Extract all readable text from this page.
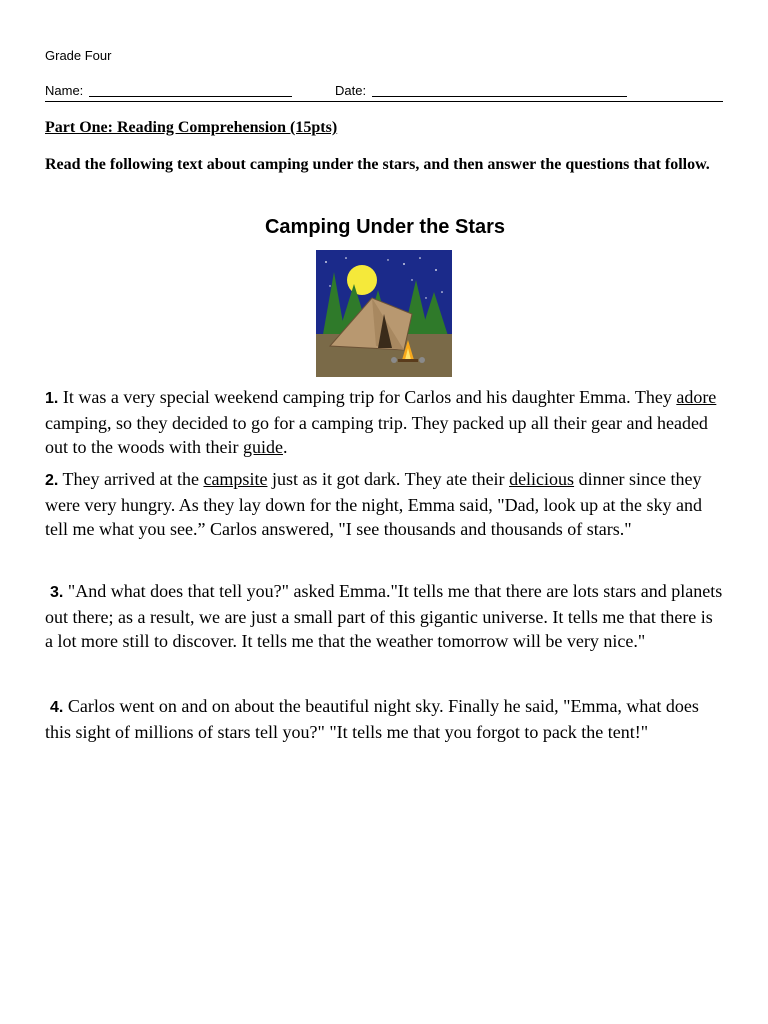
Grade Four
Name:	Date:
Part One: Reading Comprehension (15pts)
Read the following text about camping under the stars, and then answer the questions that follow.
Camping Under the Stars
1. It was a very special weekend camping trip for Carlos and his daughter Emma. They adore camping, so they decided to go for a camping trip. They packed up all their gear and headed out to the woods with their guide.
2. They arrived at the campsite just as it got dark. They ate their delicious dinner since they were very hungry. As they lay down for the night, Emma said, "Dad, look up at the sky and tell me what you see.” Carlos answered, "I see thousands and thousands of stars."
3. "And what does that tell you?" asked Emma."It tells me that there are lots stars and planets out there; as a result, we are just a small part of this gigantic universe. It tells me that there is a lot more still to discover. It tells me that the weather tomorrow will be very nice."
4. Carlos went on and on about the beautiful night sky. Finally he said, "Emma, what does this sight of millions of stars tell you?" "It tells me that you forgot to pack the tent!"
